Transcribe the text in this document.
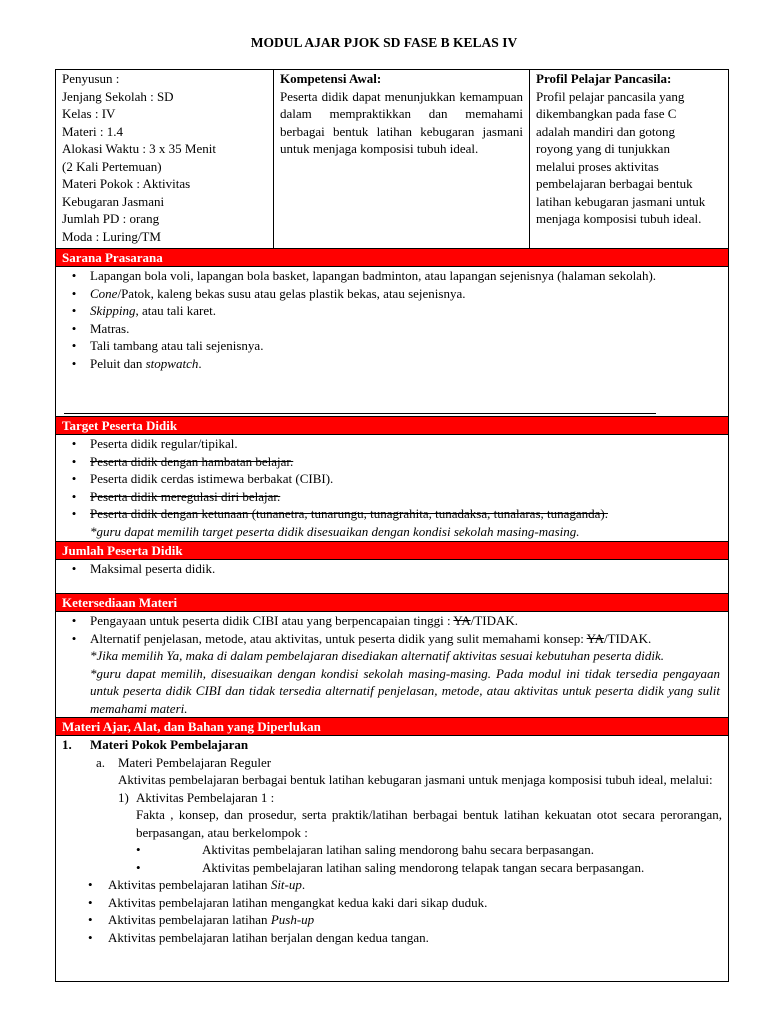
MODUL AJAR PJOK SD FASE B KELAS IV
Penyusun :
Jenjang Sekolah : SD
Kelas : IV
Materi : 1.4
Alokasi Waktu : 3 x 35 Menit
(2 Kali Pertemuan)
Materi Pokok : Aktivitas
Kebugaran Jasmani
Jumlah PD : orang
Moda : Luring/TM
Kompetensi Awal:
Peserta didik dapat menunjukkan kemampuan dalam mempraktikkan dan memahami berbagai bentuk latihan kebugaran jasmani untuk menjaga komposisi tubuh ideal.
Profil Pelajar Pancasila:
Profil pelajar pancasila yang
dikembangkan pada fase C
adalah mandiri dan gotong
royong yang di tunjukkan
melalui proses aktivitas
pembelajaran berbagai bentuk
latihan kebugaran jasmani untuk
menjaga komposisi tubuh ideal.
Sarana Prasarana
• Lapangan bola voli, lapangan bola basket, lapangan badminton, atau lapangan sejenisnya (halaman sekolah).
• Cone/Patok, kaleng bekas susu atau gelas plastik bekas, atau sejenisnya.
• Skipping, atau tali karet.
• Matras.
• Tali tambang atau tali sejenisnya.
• Peluit dan stopwatch.
Target Peserta Didik
• Peserta didik regular/tipikal.
• Peserta didik dengan hambatan belajar.
• Peserta didik cerdas istimewa berbakat (CIBI).
• Peserta didik meregulasi diri belajar.
• Peserta didik dengan ketunaan (tunanetra, tunarungu, tunagrahita, tunadaksa, tunalaras, tunaganda).
*guru dapat memilih target peserta didik disesuaikan dengan kondisi sekolah masing-masing.
Jumlah Peserta Didik
• Maksimal peserta didik.
Ketersediaan Materi
• Pengayaan untuk peserta didik CIBI atau yang berpencapaian tinggi : YA/TIDAK.
• Alternatif penjelasan, metode, atau aktivitas, untuk peserta didik yang sulit memahami konsep: YA/TIDAK.
*Jika memilih Ya, maka di dalam pembelajaran disediakan alternatif aktivitas sesuai kebutuhan peserta didik.
*guru dapat memilih, disesuaikan dengan kondisi sekolah masing-masing. Pada modul ini tidak tersedia pengayaan untuk peserta didik CIBI dan tidak tersedia alternatif penjelasan, metode, atau aktivitas untuk peserta didik yang sulit memahami materi.
Materi Ajar, Alat, dan Bahan yang Diperlukan
1. Materi Pokok Pembelajaran
a. Materi Pembelajaran Reguler
Aktivitas pembelajaran berbagai bentuk latihan kebugaran jasmani untuk menjaga komposisi tubuh ideal, melalui:
1) Aktivitas Pembelajaran 1 :
Fakta , konsep, dan prosedur, serta praktik/latihan berbagai bentuk latihan kekuatan otot secara perorangan, berpasangan, atau berkelompok :
•	Aktivitas pembelajaran latihan saling mendorong bahu secara berpasangan.
•	Aktivitas pembelajaran latihan saling mendorong telapak tangan secara berpasangan.
• Aktivitas pembelajaran latihan Sit-up.
• Aktivitas pembelajaran latihan mengangkat kedua kaki dari sikap duduk.
• Aktivitas pembelajaran latihan Push-up
• Aktivitas pembelajaran latihan berjalan dengan kedua tangan.
